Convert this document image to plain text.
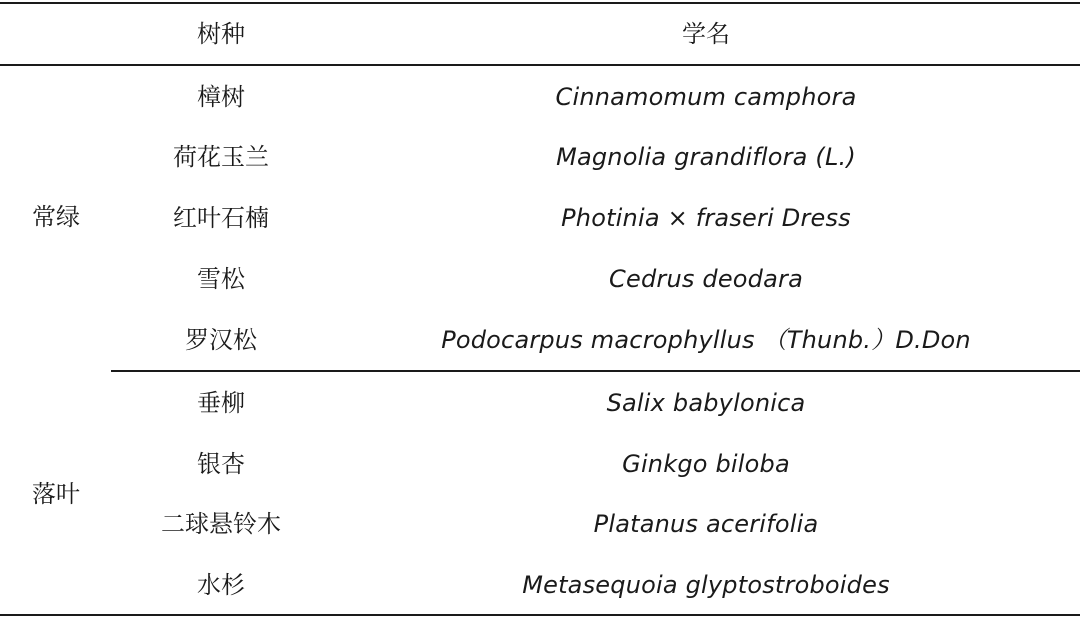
树种	学名
常绿
樟树	Cinnamomum camphora
荷花玉兰	Magnolia grandiflora (L.)
红叶石楠	Photinia × fraseri Dress
雪松	Cedrus deodara
罗汉松	Podocarpus macrophyllus （Thunb.）D.Don
落叶
垂柳	Salix babylonica
银杏	Ginkgo biloba
二球悬铃木	Platanus acerifolia
水杉	Metasequoia glyptostroboides
